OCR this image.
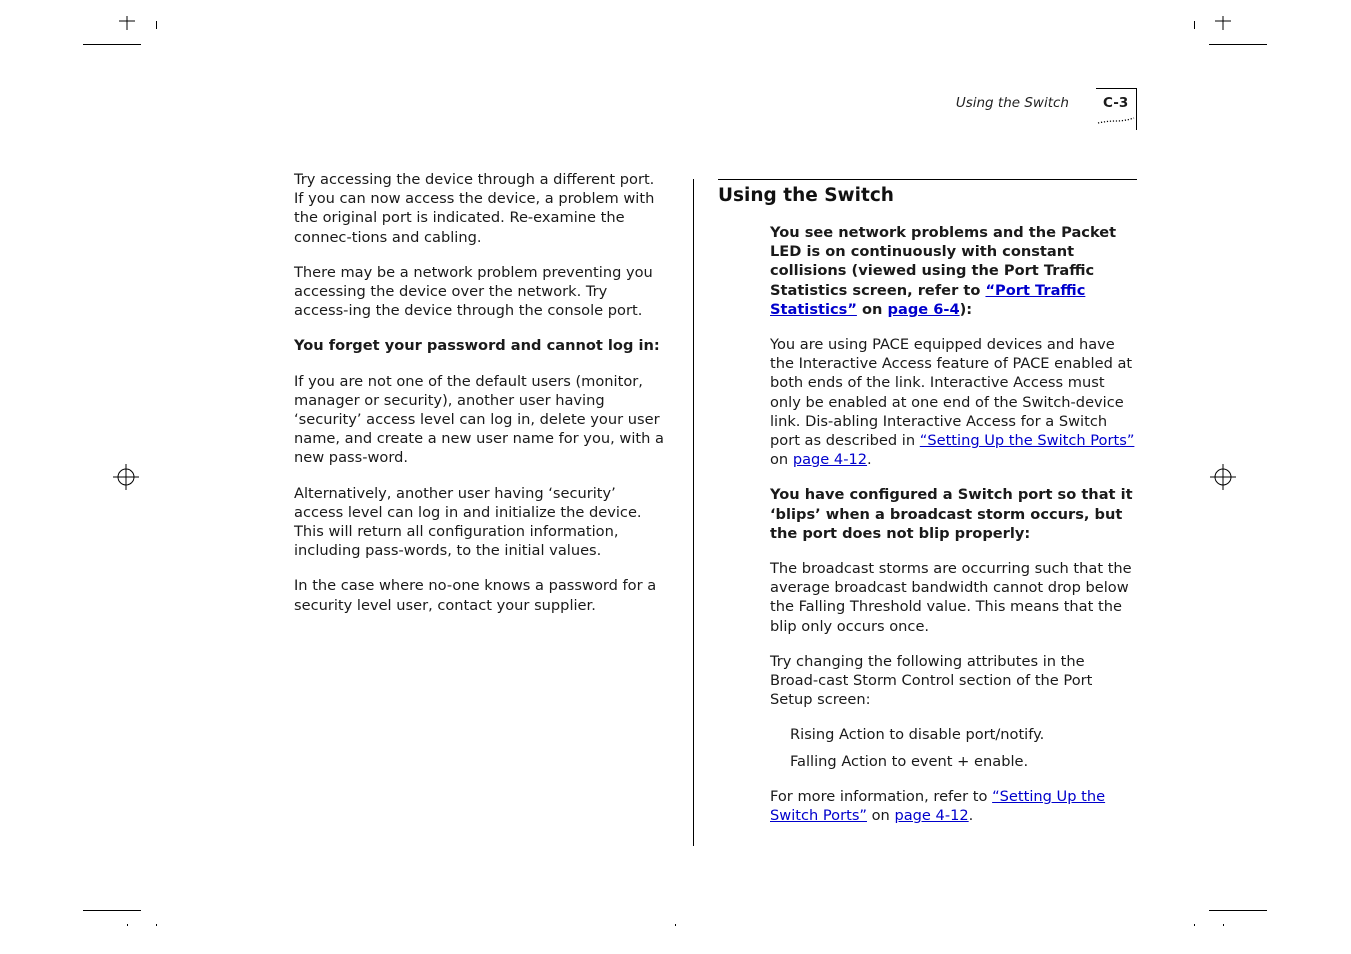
Using the Switch	C-3

Try accessing the device through a different port. If you can now access the device, a problem with the original port is indicated. Re-examine the connec-tions and cabling.

There may be a network problem preventing you accessing the device over the network. Try access-ing the device through the console port.

You forget your password and cannot log in:

If you are not one of the default users (monitor, manager or security), another user having ‘security’ access level can log in, delete your user name, and create a new user name for you, with a new pass-word.

Alternatively, another user having ‘security’ access level can log in and initialize the device. This will return all configuration information, including pass-words, to the initial values.

In the case where no-one knows a password for a security level user, contact your supplier.

Using the Switch

You see network problems and the Packet LED is on continuously with constant collisions (viewed using the Port Traffic Statistics screen, refer to “Port Traffic Statistics” on page 6-4):

You are using PACE equipped devices and have the Interactive Access feature of PACE enabled at both ends of the link. Interactive Access must only be enabled at one end of the Switch-device link. Dis-abling Interactive Access for a Switch port as described in “Setting Up the Switch Ports” on page 4-12.

You have configured a Switch port so that it ‘blips’ when a broadcast storm occurs, but the port does not blip properly:

The broadcast storms are occurring such that the average broadcast bandwidth cannot drop below the Falling Threshold value. This means that the blip only occurs once.

Try changing the following attributes in the Broad-cast Storm Control section of the Port Setup screen:

Rising Action to disable port/notify.

Falling Action to event + enable.

For more information, refer to “Setting Up the Switch Ports” on page 4-12.
